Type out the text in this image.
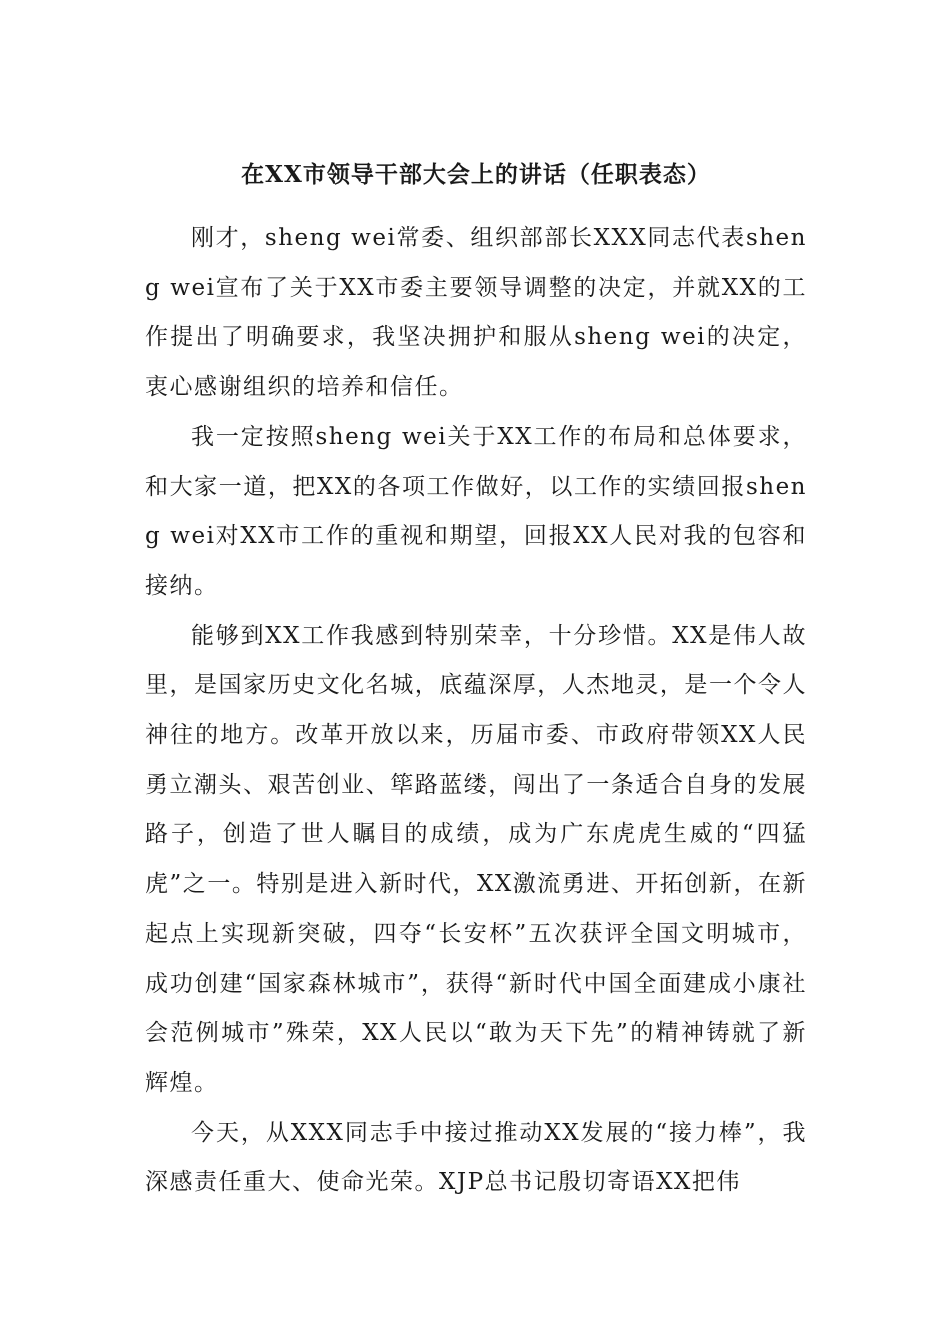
在XX市领导干部大会上的讲话（任职表态）

刚才，sheng wei常委、组织部部长XXX同志代表sheng wei宣布了关于XX市委主要领导调整的决定，并就XX的工作提出了明确要求，我坚决拥护和服从sheng wei的决定，衷心感谢组织的培养和信任。

我一定按照sheng wei关于XX工作的布局和总体要求，和大家一道，把XX的各项工作做好，以工作的实绩回报sheng wei对XX市工作的重视和期望，回报XX人民对我的包容和接纳。

能够到XX工作我感到特别荣幸，十分珍惜。XX是伟人故里，是国家历史文化名城，底蕴深厚，人杰地灵，是一个令人神往的地方。改革开放以来，历届市委、市政府带领XX人民勇立潮头、艰苦创业、筚路蓝缕，闯出了一条适合自身的发展路子，创造了世人瞩目的成绩，成为广东虎虎生威的“四猛虎”之一。特别是进入新时代，XX激流勇进、开拓创新，在新起点上实现新突破，四夺“长安杯”五次获评全国文明城市，成功创建“国家森林城市”，获得“新时代中国全面建成小康社会范例城市”殊荣，XX人民以“敢为天下先”的精神铸就了新辉煌。

今天，从XXX同志手中接过推动XX发展的“接力棒”，我深感责任重大、使命光荣。XJP总书记殷切寄语XX把伟
